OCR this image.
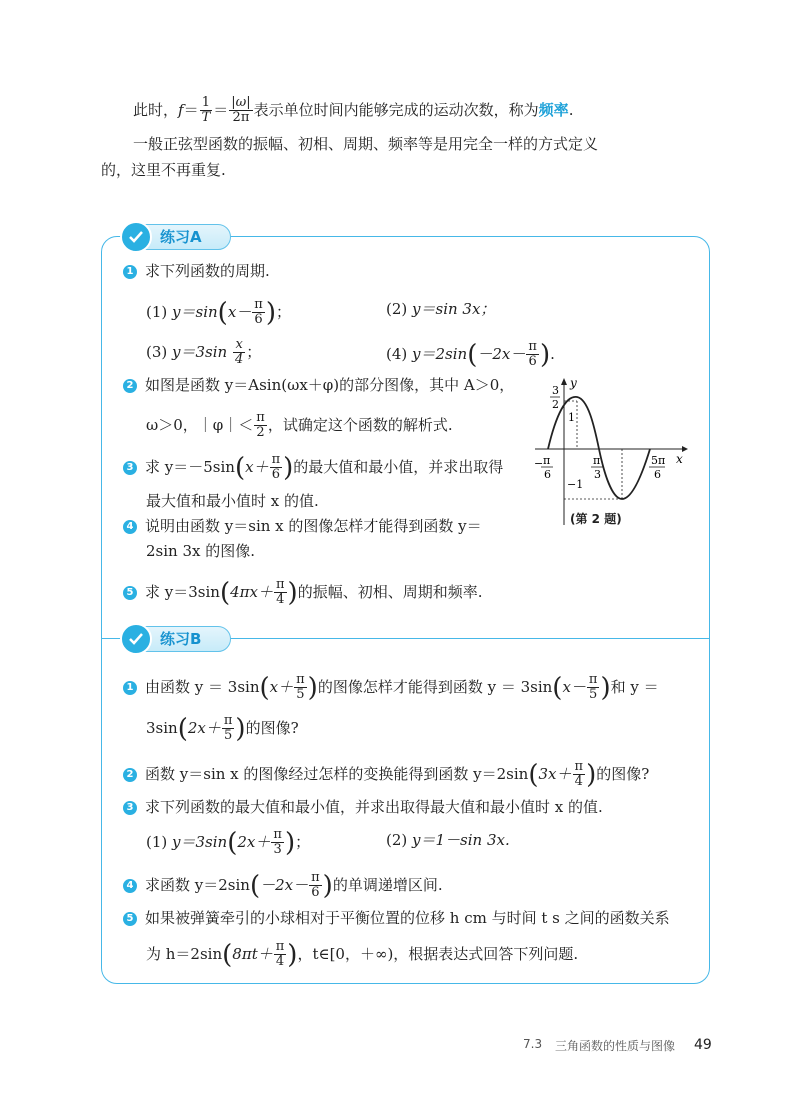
此时，$f= \frac{1}{T} = \frac{|\omega|}{2\pi}$ 表示单位时间内能够完成的运动次数，称为频率.
一般正弦型函数的振幅、初相、周期、频率等是用完全一样的方式定义
的，这里不再重复.
练习A
1 求下列函数的周期.
(1) $y=\sin(x- \frac{\pi}{6}$ )；	(2) y＝sin 3x；
(3) $y=3\sin \frac{x}{4}$ ；	(4) $y=2\sin(-2x- \frac{\pi}{6}$ ).
2 如图是函数 y＝Asin(ωx＋φ)的部分图像，其中 A＞0，
ω＞0，｜φ｜＜ $\frac{\pi}{2}$ ，试确定这个函数的解析式.
3 求 $y=-5\sin(x+ \frac{\pi}{6}$ )的最大值和最小值，并求出取得
最大值和最小值时 x 的值.
4 说明由函数 y＝sin x 的图像怎样才能得到函数 y＝
2sin 3x 的图像.
5 求 $y=3\sin(4\pi x+ \frac{\pi}{4}$ )的振幅、初相、周期和频率.
y
x
3
2
1
−1
− π
6
π
3
5π
6
(第 2 题)
练习B
1 由函数 $y = 3\sin(x+ \frac{\pi}{5}$ )的图像怎样才能得到函数 $y = 3\sin(x- \frac{\pi}{5}$ )和 y ＝
$3\sin(2x+ \frac{\pi}{5}$ )的图像?
2 函数 y＝sin x 的图像经过怎样的变换能得到函数 $y=2\sin(3x+ \frac{\pi}{4}$ )的图像?
3 求下列函数的最大值和最小值，并求出取得最大值和最小值时 x 的值.
(1) $y=3\sin(2x+ \frac{\pi}{3}$ )；	(2) y＝1－sin 3x.
4 求函数 $y=2\sin(-2x- \frac{\pi}{6}$ )的单调递增区间.
5 如果被弹簧牵引的小球相对于平衡位置的位移 h cm 与时间 t s 之间的函数关系
为 $h=2\sin(8\pi t+ \frac{\pi}{4}$ )，t∈[0，＋∞)，根据表达式回答下列问题.
7.3 三角函数的性质与图像 49
